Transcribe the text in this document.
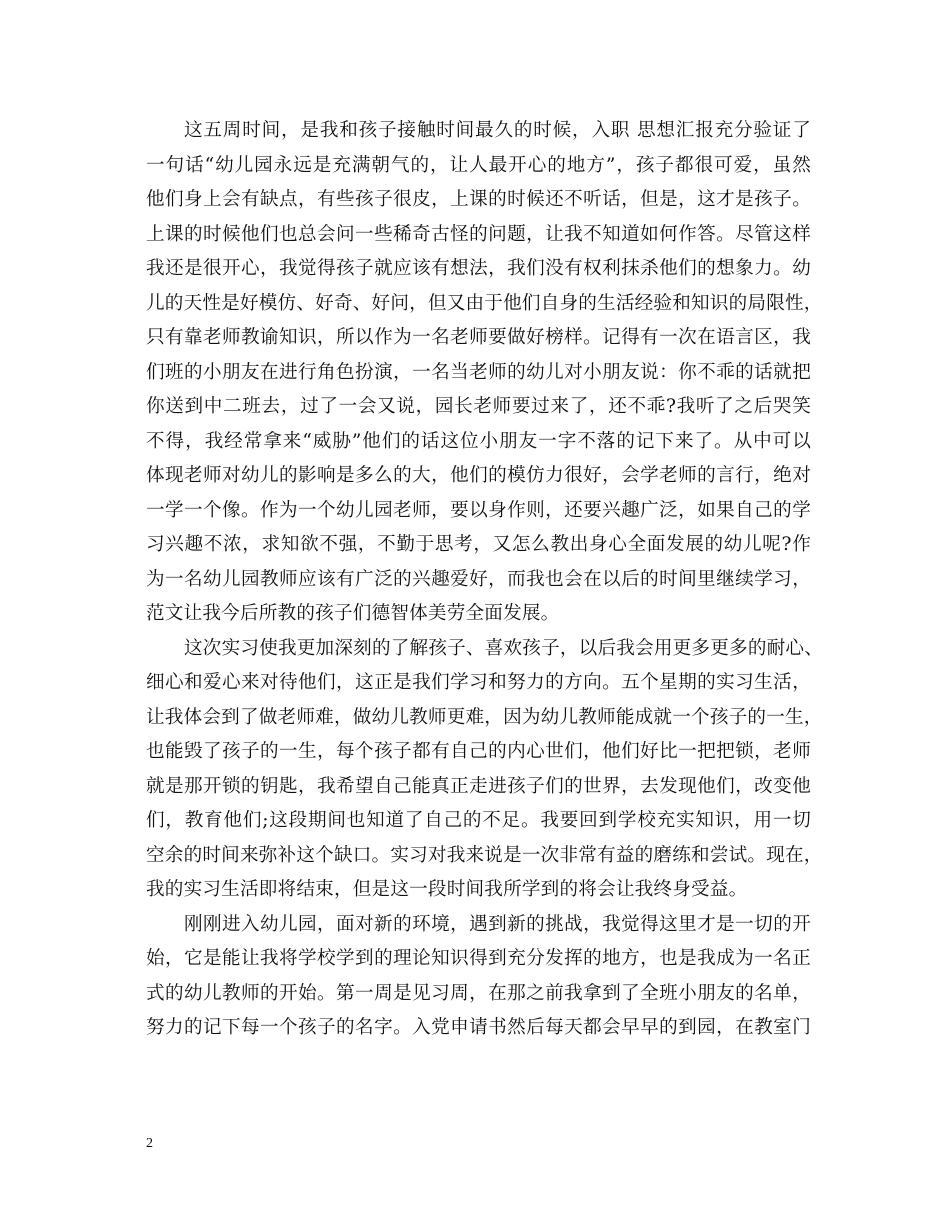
这五周时间，是我和孩子接触时间最久的时候，入职 思想汇报充分验证了
一句话“幼儿园永远是充满朝气的，让人最开心的地方”，孩子都很可爱，虽然
他们身上会有缺点，有些孩子很皮，上课的时候还不听话，但是，这才是孩子。
上课的时候他们也总会问一些稀奇古怪的问题，让我不知道如何作答。尽管这样
我还是很开心，我觉得孩子就应该有想法，我们没有权利抹杀他们的想象力。幼
儿的天性是好模仿、好奇、好问，但又由于他们自身的生活经验和知识的局限性，
只有靠老师教谕知识，所以作为一名老师要做好榜样。记得有一次在语言区，我
们班的小朋友在进行角色扮演，一名当老师的幼儿对小朋友说：你不乖的话就把
你送到中二班去，过了一会又说，园长老师要过来了，还不乖?我听了之后哭笑
不得，我经常拿来“威胁”他们的话这位小朋友一字不落的记下来了。从中可以
体现老师对幼儿的影响是多么的大，他们的模仿力很好，会学老师的言行，绝对
一学一个像。作为一个幼儿园老师，要以身作则，还要兴趣广泛，如果自己的学
习兴趣不浓，求知欲不强，不勤于思考，又怎么教出身心全面发展的幼儿呢?作
为一名幼儿园教师应该有广泛的兴趣爱好，而我也会在以后的时间里继续学习，
范文让我今后所教的孩子们德智体美劳全面发展。
这次实习使我更加深刻的了解孩子、喜欢孩子，以后我会用更多更多的耐心、
细心和爱心来对待他们，这正是我们学习和努力的方向。五个星期的实习生活，
让我体会到了做老师难，做幼儿教师更难，因为幼儿教师能成就一个孩子的一生，
也能毁了孩子的一生，每个孩子都有自己的内心世们，他们好比一把把锁，老师
就是那开锁的钥匙，我希望自己能真正走进孩子们的世界，去发现他们，改变他
们，教育他们;这段期间也知道了自己的不足。我要回到学校充实知识，用一切
空余的时间来弥补这个缺口。实习对我来说是一次非常有益的磨练和尝试。现在，
我的实习生活即将结束，但是这一段时间我所学到的将会让我终身受益。
刚刚进入幼儿园，面对新的环境，遇到新的挑战，我觉得这里才是一切的开
始，它是能让我将学校学到的理论知识得到充分发挥的地方，也是我成为一名正
式的幼儿教师的开始。第一周是见习周，在那之前我拿到了全班小朋友的名单，
努力的记下每一个孩子的名字。入党申请书然后每天都会早早的到园，在教室门
2
